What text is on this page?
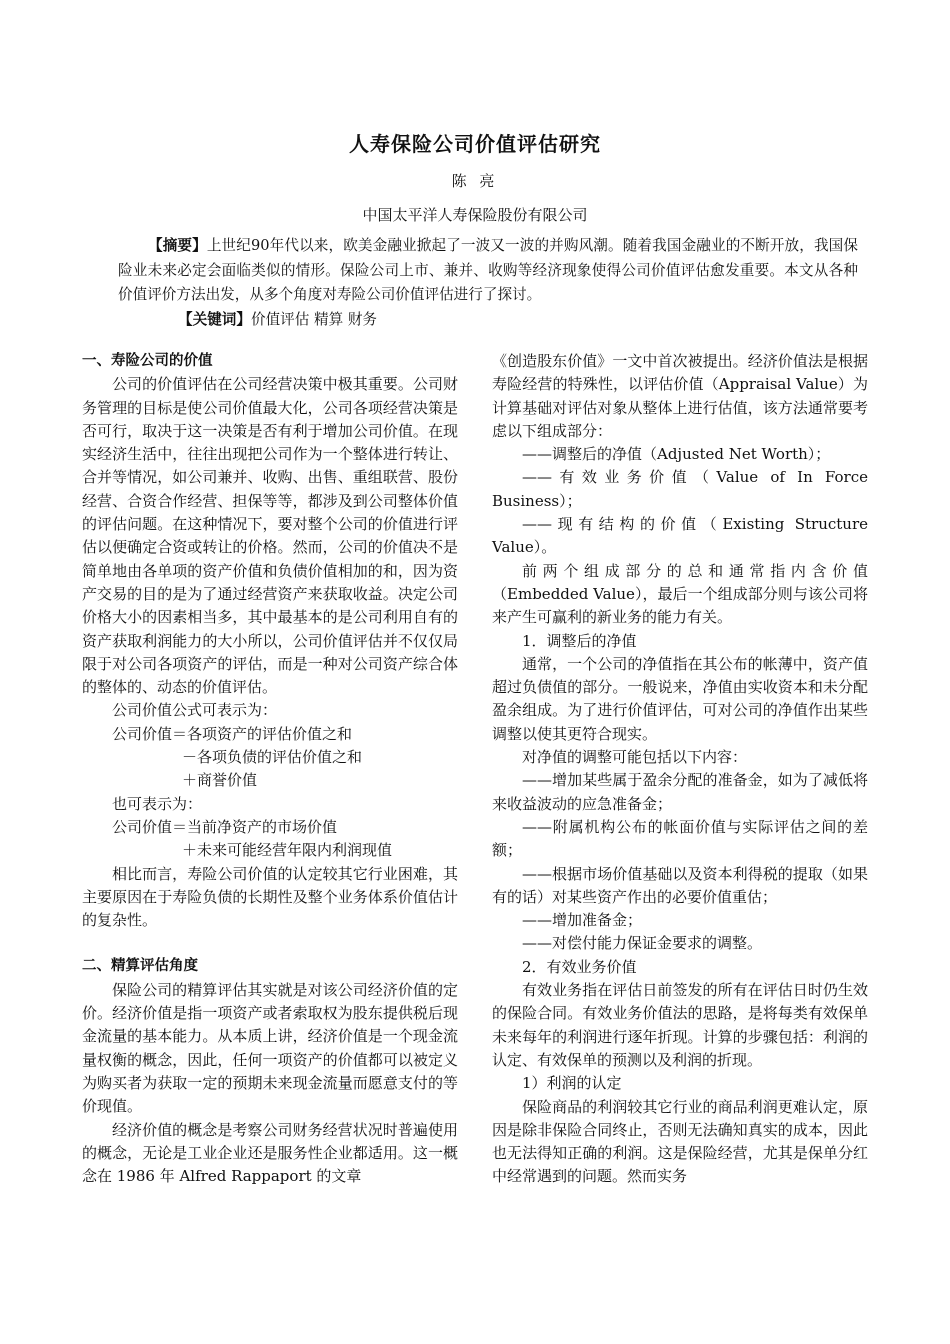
人寿保险公司价值评估研究
陈 亮
中国太平洋人寿保险股份有限公司

【摘要】上世纪90年代以来，欧美金融业掀起了一波又一波的并购风潮。随着我国金融业的不断开放，我国保险业未来必定会面临类似的情形。保险公司上市、兼并、收购等经济现象使得公司价值评估愈发重要。本文从各种价值评价方法出发，从多个角度对寿险公司价值评估进行了探讨。

【关键词】价值评估 精算 财务

一、寿险公司的价值

公司的价值评估在公司经营决策中极其重要。公司财务管理的目标是使公司价值最大化，公司各项经营决策是否可行，取决于这一决策是否有利于增加公司价值。在现实经济生活中，往往出现把公司作为一个整体进行转让、合并等情况，如公司兼并、收购、出售、重组联营、股份经营、合资合作经营、担保等等，都涉及到公司整体价值的评估问题。在这种情况下，要对整个公司的价值进行评估以便确定合资或转让的价格。然而，公司的价值决不是简单地由各单项的资产价值和负债价值相加的和，因为资产交易的目的是为了通过经营资产来获取收益。决定公司价格大小的因素相当多，其中最基本的是公司利用自有的资产获取利润能力的大小所以，公司价值评估并不仅仅局限于对公司各项资产的评估，而是一种对公司资产综合体的整体的、动态的价值评估。

公司价值公式可表示为：

公司价值＝各项资产的评估价值之和

－各项负债的评估价值之和

＋商誉价值

也可表示为：

公司价值＝当前净资产的市场价值

＋未来可能经营年限内利润现值

相比而言，寿险公司价值的认定较其它行业困难，其主要原因在于寿险负债的长期性及整个业务体系价值估计的复杂性。

二、精算评估角度

保险公司的精算评估其实就是对该公司经济价值的定价。经济价值是指一项资产或者索取权为股东提供税后现金流量的基本能力。从本质上讲，经济价值是一个现金流量权衡的概念，因此，任何一项资产的价值都可以被定义为购买者为获取一定的预期未来现金流量而愿意支付的等价现值。

经济价值的概念是考察公司财务经营状况时普遍使用的概念，无论是工业企业还是服务性企业都适用。这一概念在 1986 年 Alfred Rappaport 的文章

《创造股东价值》一文中首次被提出。经济价值法是根据寿险经营的特殊性，以评估价值（Appraisal Value）为计算基础对评估对象从整体上进行估值，该方法通常要考虑以下组成部分：

——调整后的净值（Adjusted Net Worth）；

——有效业务价值（Value of In Force Business）；

——现有结构的价值（Existing Structure Value）。

前两个组成部分的总和通常指内含价值（Embedded Value），最后一个组成部分则与该公司将来产生可赢利的新业务的能力有关。

1．调整后的净值

通常，一个公司的净值指在其公布的帐薄中，资产值超过负债值的部分。一般说来，净值由实收资本和未分配盈余组成。为了进行价值评估，可对公司的净值作出某些调整以使其更符合现实。

对净值的调整可能包括以下内容：

——增加某些属于盈余分配的准备金，如为了减低将来收益波动的应急准备金；

——附属机构公布的帐面价值与实际评估之间的差额；

——根据市场价值基础以及资本利得税的提取（如果有的话）对某些资产作出的必要价值重估；

——增加准备金；

——对偿付能力保证金要求的调整。

2．有效业务价值

有效业务指在评估日前签发的所有在评估日时仍生效的保险合同。有效业务价值法的思路，是将每类有效保单未来每年的利润进行逐年折现。计算的步骤包括：利润的认定、有效保单的预测以及利润的折现。

1）利润的认定

保险商品的利润较其它行业的商品利润更难认定，原因是除非保险合同终止，否则无法确知真实的成本，因此也无法得知正确的利润。这是保险经营，尤其是保单分红中经常遇到的问题。然而实务
